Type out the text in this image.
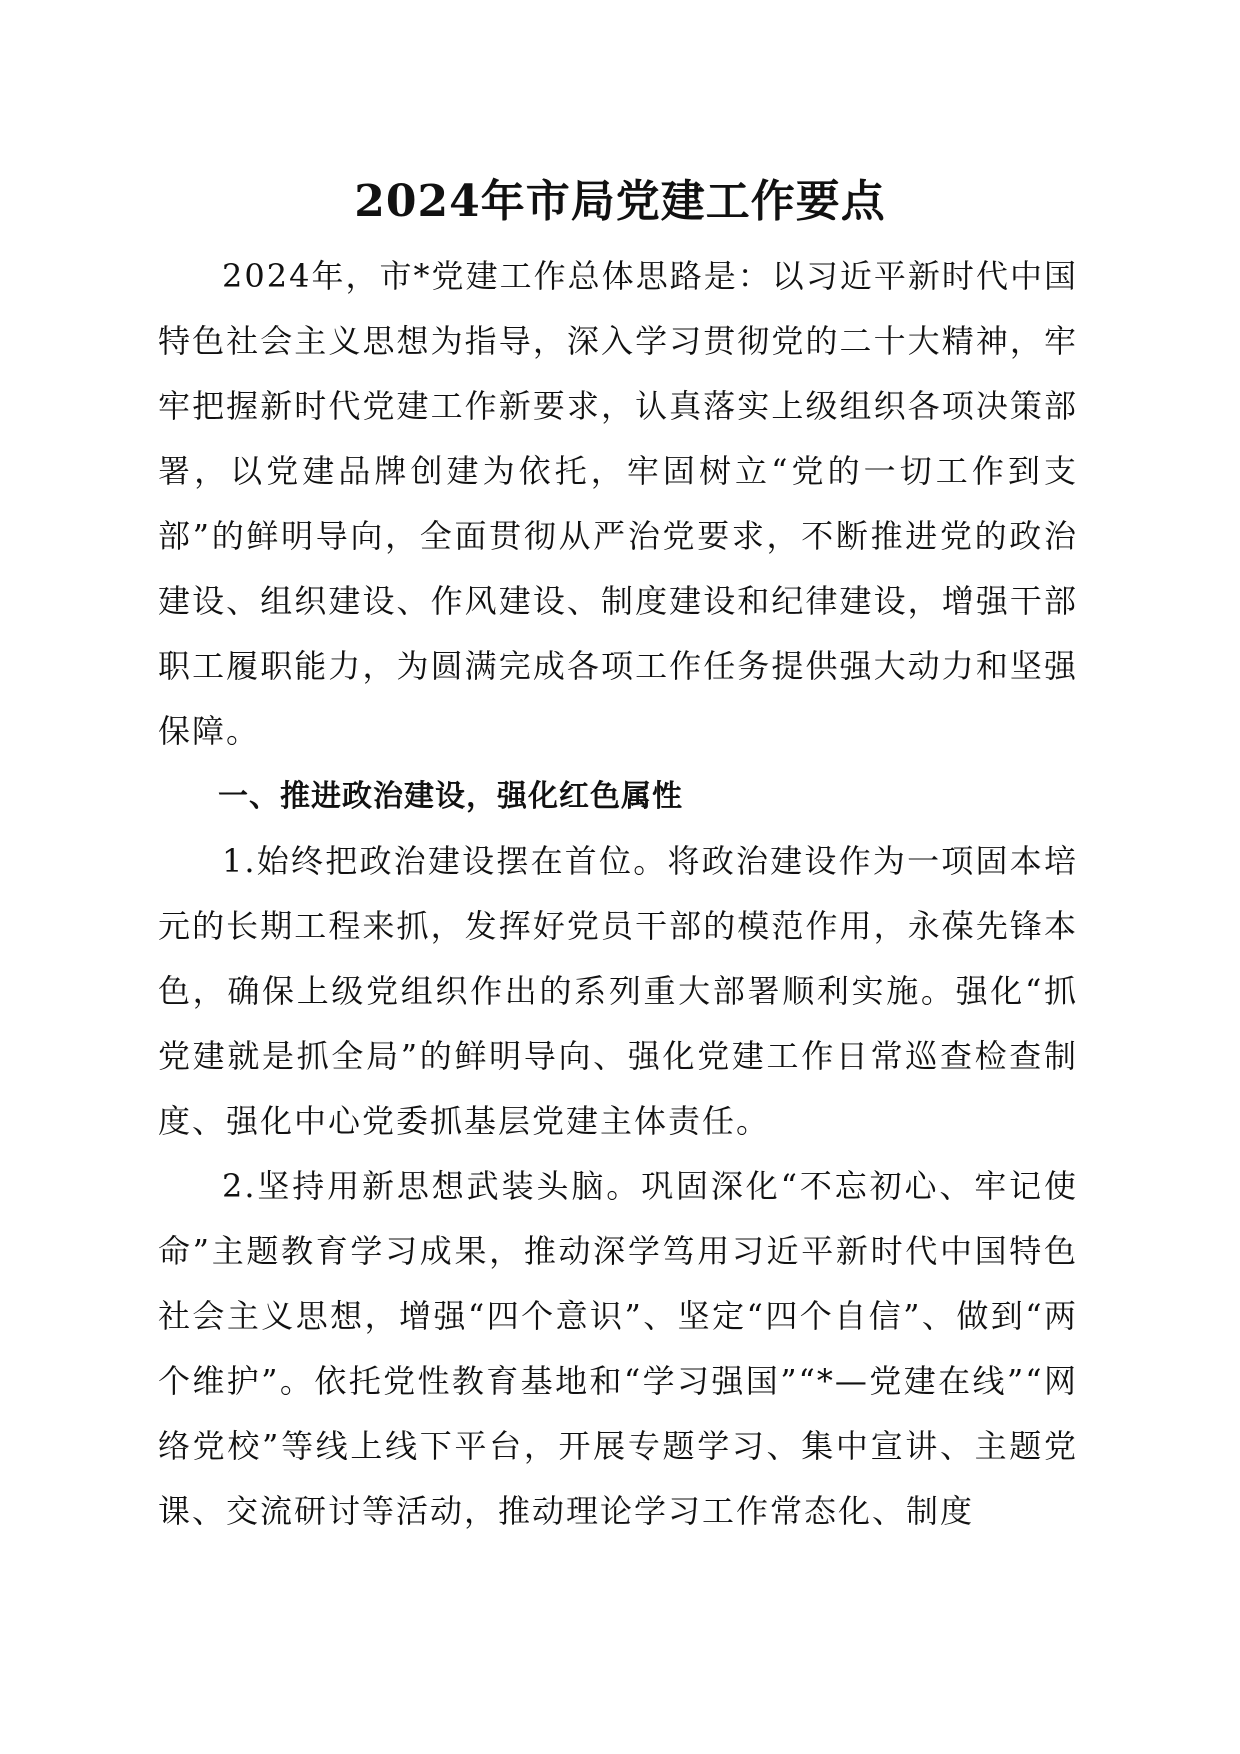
2024年市局党建工作要点

2024年，市*党建工作总体思路是：以习近平新时代中国特色社会主义思想为指导，深入学习贯彻党的二十大精神，牢牢把握新时代党建工作新要求，认真落实上级组织各项决策部署，以党建品牌创建为依托，牢固树立“党的一切工作到支部”的鲜明导向，全面贯彻从严治党要求，不断推进党的政治建设、组织建设、作风建设、制度建设和纪律建设，增强干部职工履职能力，为圆满完成各项工作任务提供强大动力和坚强保障。

一、推进政治建设，强化红色属性

1.始终把政治建设摆在首位。将政治建设作为一项固本培元的长期工程来抓，发挥好党员干部的模范作用，永葆先锋本色，确保上级党组织作出的系列重大部署顺利实施。强化“抓党建就是抓全局”的鲜明导向、强化党建工作日常巡查检查制度、强化中心党委抓基层党建主体责任。

2.坚持用新思想武装头脑。巩固深化“不忘初心、牢记使命”主题教育学习成果，推动深学笃用习近平新时代中国特色社会主义思想，增强“四个意识”、坚定“四个自信”、做到“两个维护”。依托党性教育基地和“学习强国”“*—党建在线”“网络党校”等线上线下平台，开展专题学习、集中宣讲、主题党课、交流研讨等活动，推动理论学习工作常态化、制度
